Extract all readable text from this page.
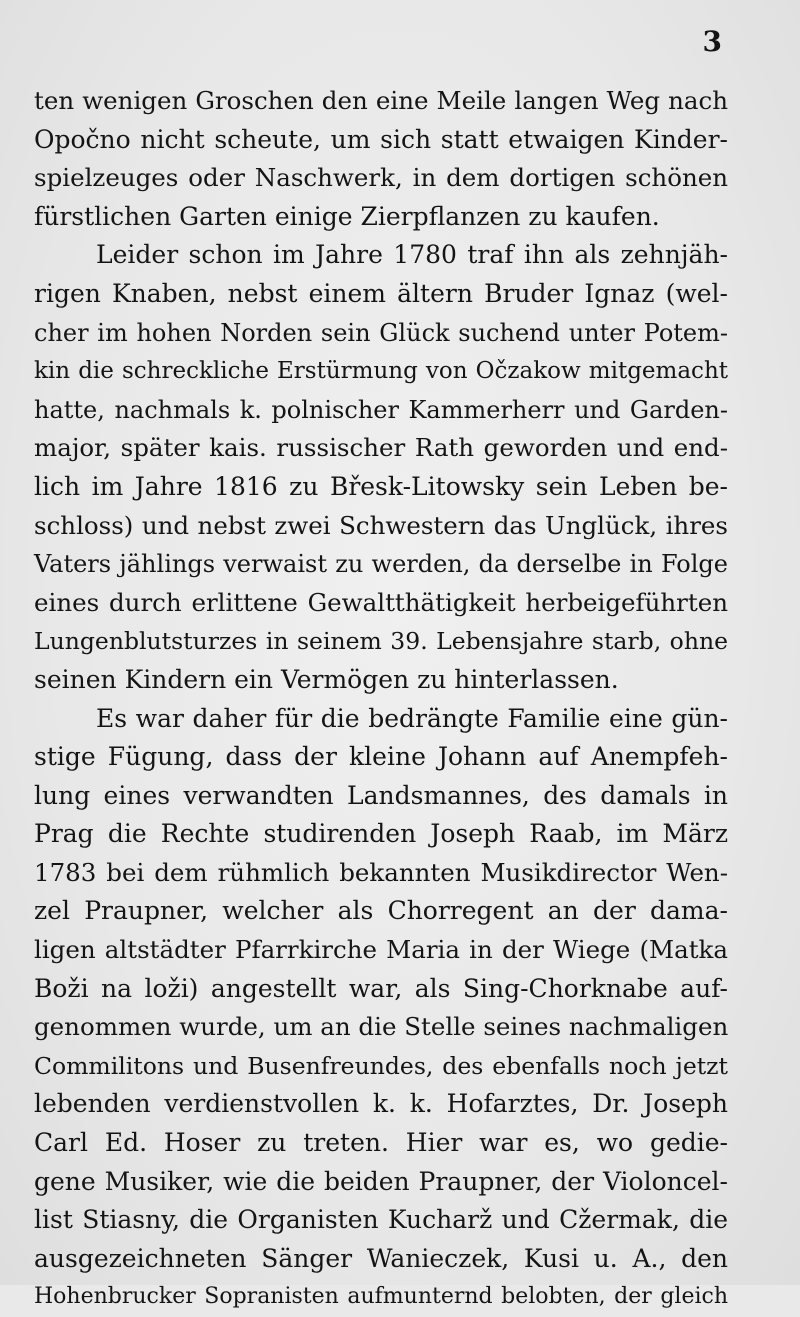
3
ten wenigen Groschen den eine Meile langen Weg nach
Opočno nicht scheute, um sich statt etwaigen Kinder-
spielzeuges oder Naschwerk, in dem dortigen schönen
fürstlichen Garten einige Zierpflanzen zu kaufen.
Leider schon im Jahre 1780 traf ihn als zehnjäh-
rigen Knaben, nebst einem ältern Bruder Ignaz (wel-
cher im hohen Norden sein Glück suchend unter Potem-
kin die schreckliche Erstürmung von Očzakow mitgemacht
hatte, nachmals k. polnischer Kammerherr und Garden-
major, später kais. russischer Rath geworden und end-
lich im Jahre 1816 zu Břesk-Litowsky sein Leben be-
schloss) und nebst zwei Schwestern das Unglück, ihres
Vaters jählings verwaist zu werden, da derselbe in Folge
eines durch erlittene Gewaltthätigkeit herbeigeführten
Lungenblutsturzes in seinem 39. Lebensjahre starb, ohne
seinen Kindern ein Vermögen zu hinterlassen.
Es war daher für die bedrängte Familie eine gün-
stige Fügung, dass der kleine Johann auf Anempfeh-
lung eines verwandten Landsmannes, des damals in
Prag die Rechte studirenden Joseph Raab, im März
1783 bei dem rühmlich bekannten Musikdirector Wen-
zel Praupner, welcher als Chorregent an der dama-
ligen altstädter Pfarrkirche Maria in der Wiege (Matka
Boži na loži) angestellt war, als Sing-Chorknabe auf-
genommen wurde, um an die Stelle seines nachmaligen
Commilitons und Busenfreundes, des ebenfalls noch jetzt
lebenden verdienstvollen k. k. Hofarztes, Dr. Joseph
Carl Ed. Hoser zu treten. Hier war es, wo gedie-
gene Musiker, wie die beiden Praupner, der Violoncel-
list Stiasny, die Organisten Kucharž und Cžermak, die
ausgezeichneten Sänger Wanieczek, Kusi u. A., den
Hohenbrucker Sopranisten aufmunternd belobten, der gleich
